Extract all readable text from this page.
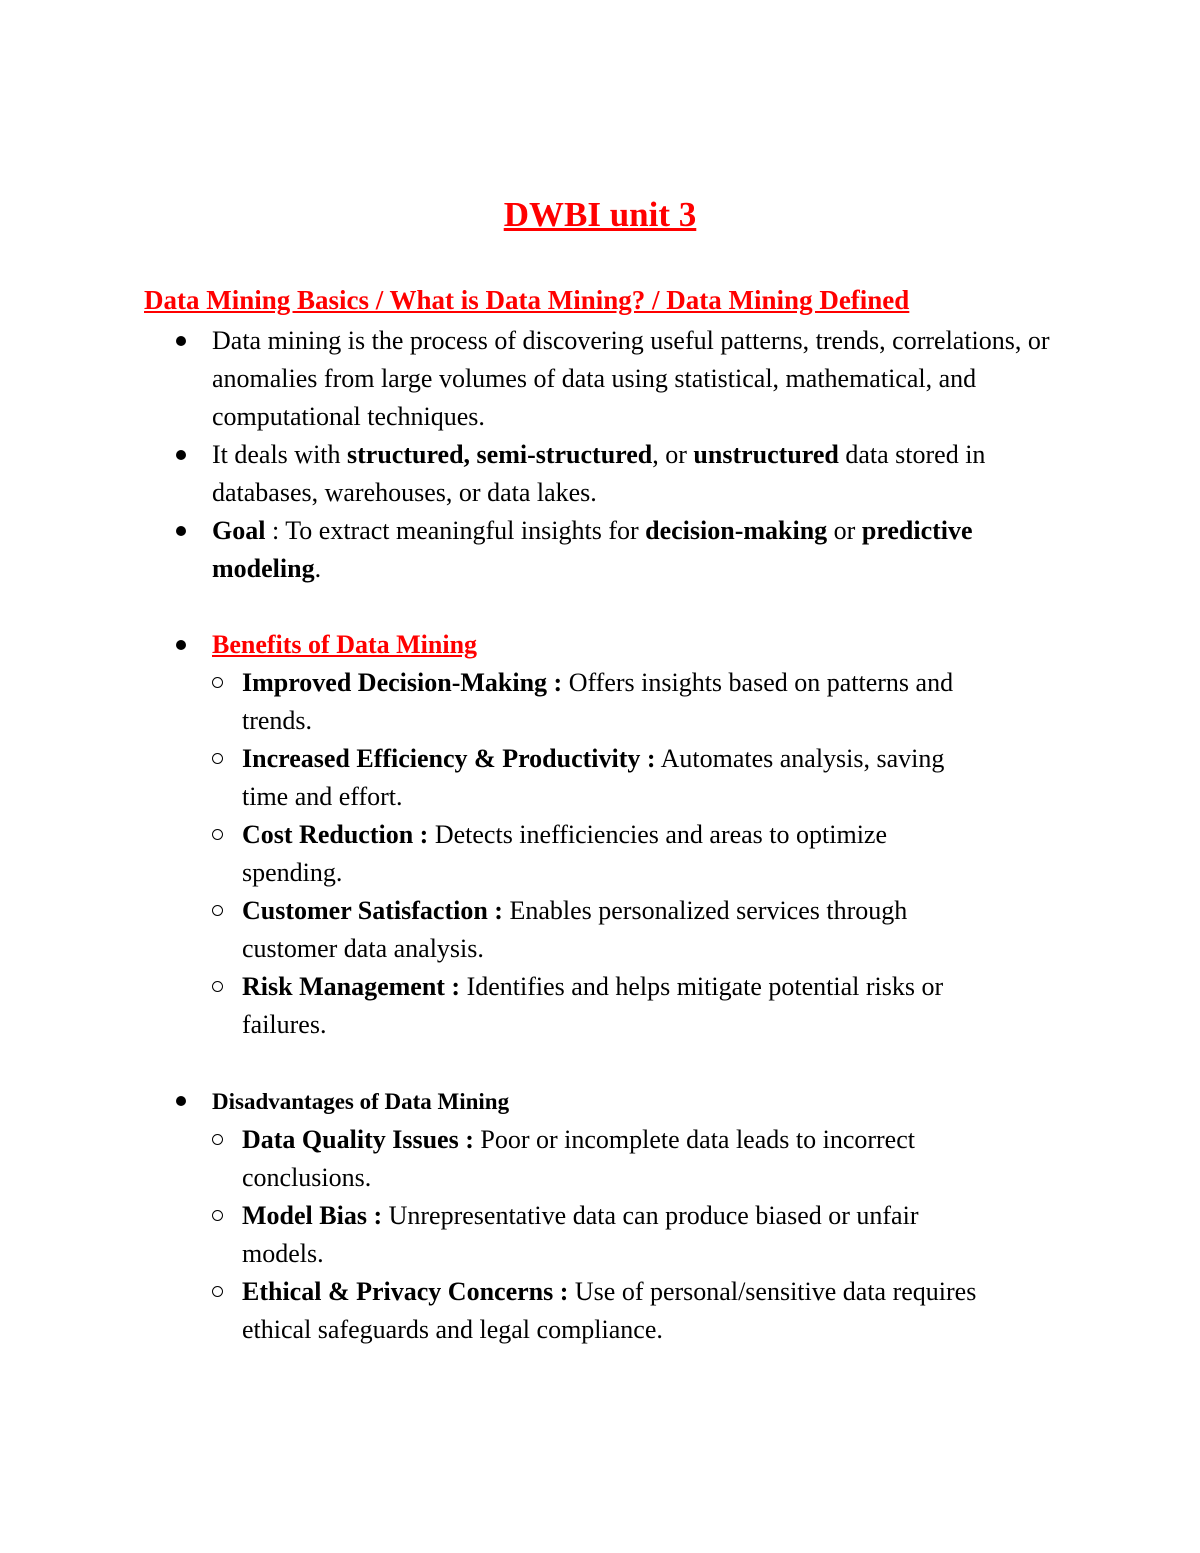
DWBI unit 3
Data Mining Basics / What is Data Mining? / Data Mining Defined
Data mining is the process of discovering useful patterns, trends, correlations, or anomalies from large volumes of data using statistical, mathematical, and computational techniques.
It deals with structured, semi-structured, or unstructured data stored in databases, warehouses, or data lakes.
Goal : To extract meaningful insights for decision-making or predictive modeling.
Benefits of Data Mining
Improved Decision-Making : Offers insights based on patterns and trends.
Increased Efficiency & Productivity : Automates analysis, saving time and effort.
Cost Reduction : Detects inefficiencies and areas to optimize spending.
Customer Satisfaction : Enables personalized services through customer data analysis.
Risk Management : Identifies and helps mitigate potential risks or failures.
Disadvantages of Data Mining
Data Quality Issues : Poor or incomplete data leads to incorrect conclusions.
Model Bias : Unrepresentative data can produce biased or unfair models.
Ethical & Privacy Concerns : Use of personal/sensitive data requires ethical safeguards and legal compliance.
